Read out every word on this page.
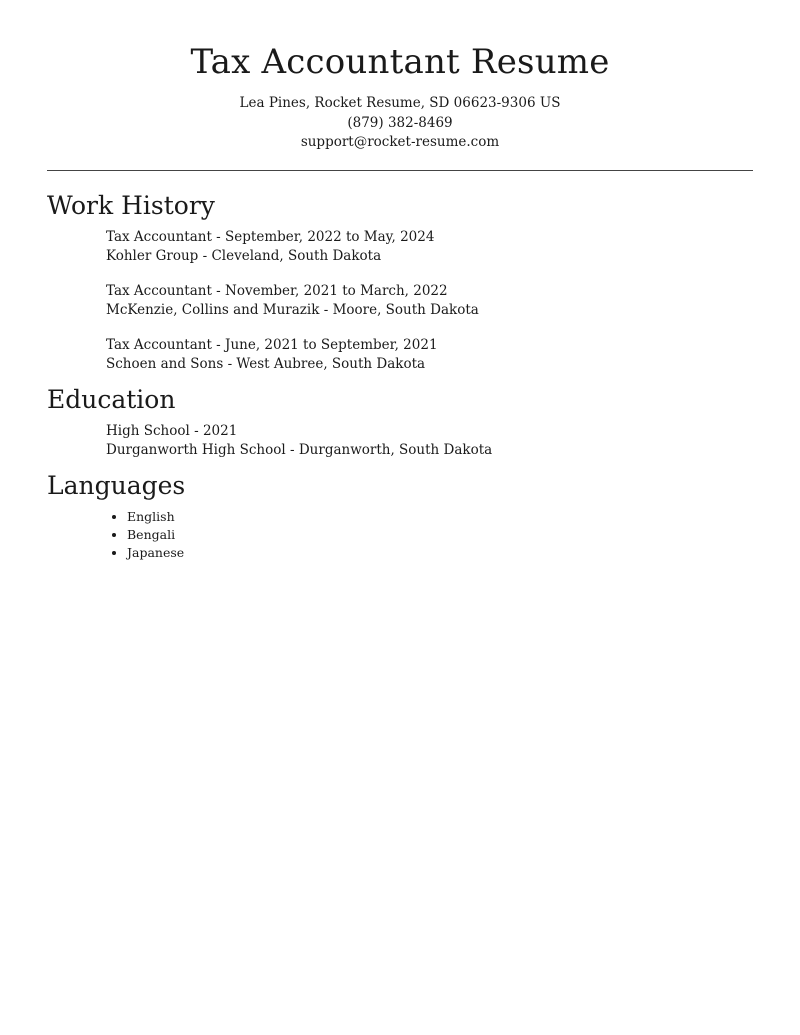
Tax Accountant Resume

Lea Pines, Rocket Resume, SD 06623-9306 US

(879) 382-8469

support@rocket-resume.com

Work History
Tax Accountant - September, 2022 to May, 2024
Kohler Group - Cleveland, South Dakota
Tax Accountant - November, 2021 to March, 2022
McKenzie, Collins and Murazik - Moore, South Dakota
Tax Accountant - June, 2021 to September, 2021
Schoen and Sons - West Aubree, South Dakota
Education
High School - 2021
Durganworth High School - Durganworth, South Dakota
Languages
• English
• Bengali
• Japanese
